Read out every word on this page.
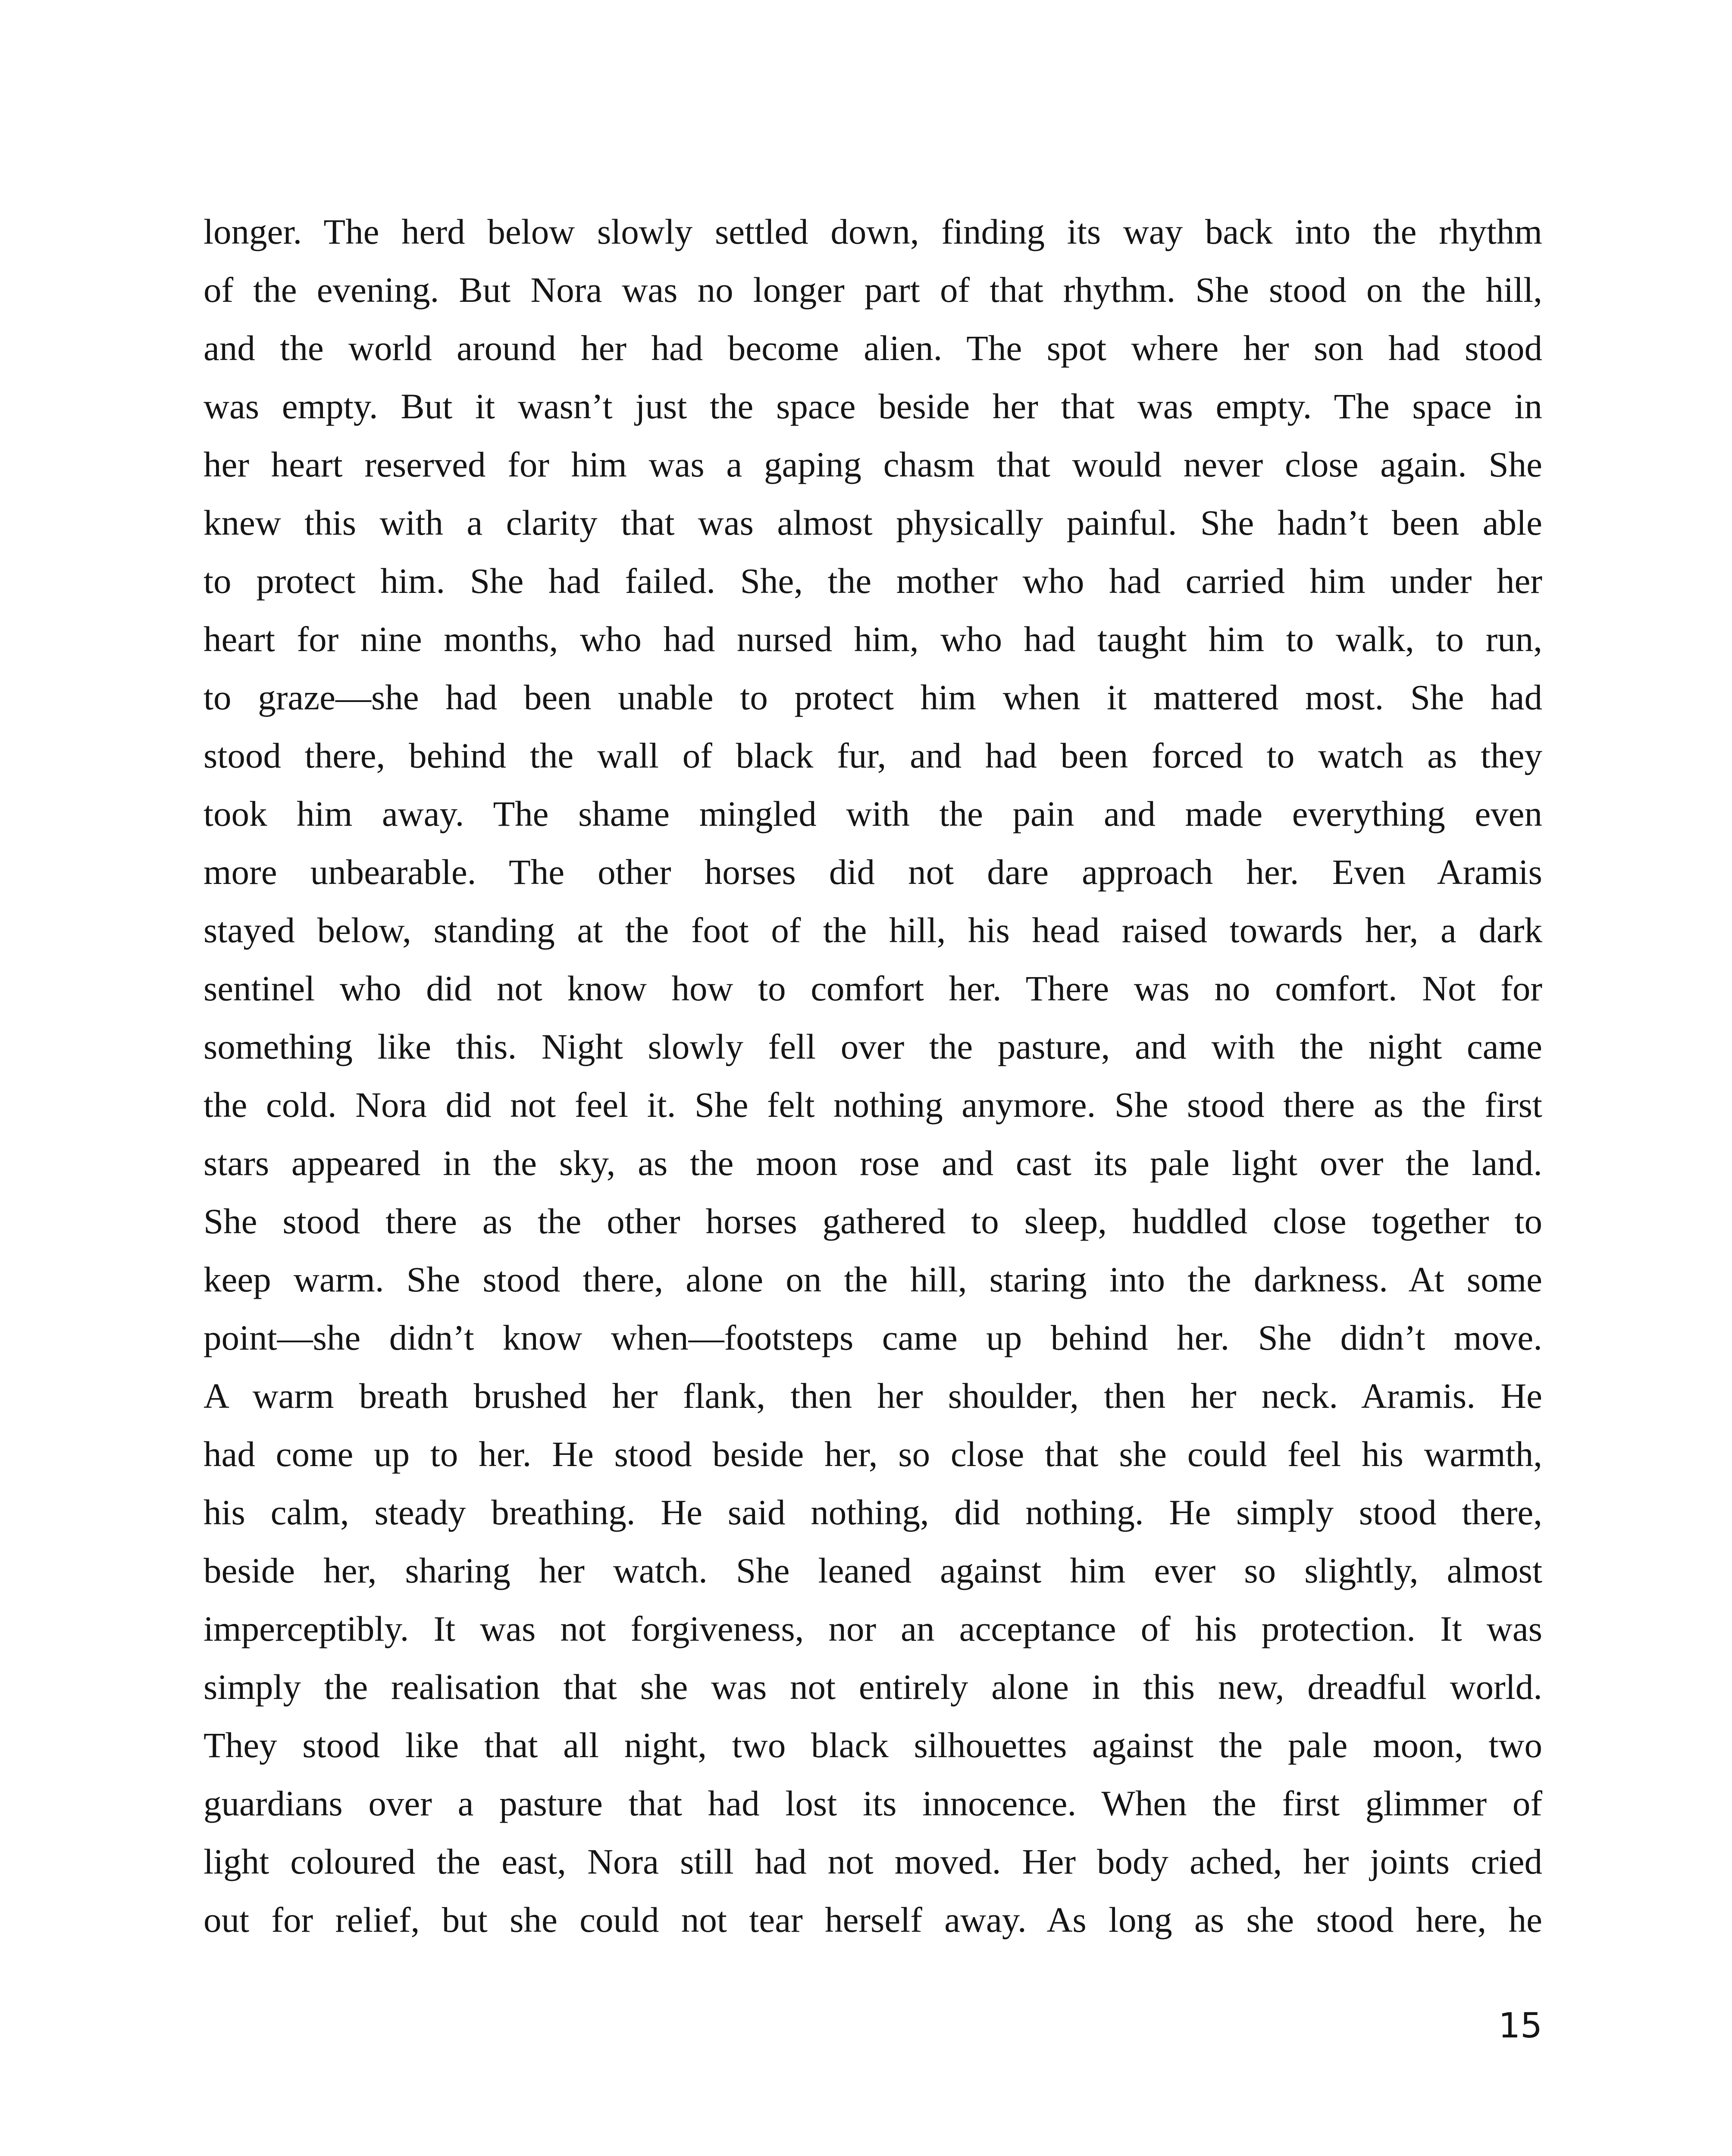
longer. The herd below slowly settled down, finding its way back into the rhythm
of the evening. But Nora was no longer part of that rhythm. She stood on the hill,
and the world around her had become alien. The spot where her son had stood
was empty. But it wasn’t just the space beside her that was empty. The space in
her heart reserved for him was a gaping chasm that would never close again. She
knew this with a clarity that was almost physically painful. She hadn’t been able
to protect him. She had failed. She, the mother who had carried him under her
heart for nine months, who had nursed him, who had taught him to walk, to run,
to graze—she had been unable to protect him when it mattered most. She had
stood there, behind the wall of black fur, and had been forced to watch as they
took him away. The shame mingled with the pain and made everything even
more unbearable. The other horses did not dare approach her. Even Aramis
stayed below, standing at the foot of the hill, his head raised towards her, a dark
sentinel who did not know how to comfort her. There was no comfort. Not for
something like this. Night slowly fell over the pasture, and with the night came
the cold. Nora did not feel it. She felt nothing anymore. She stood there as the first
stars appeared in the sky, as the moon rose and cast its pale light over the land.
She stood there as the other horses gathered to sleep, huddled close together to
keep warm. She stood there, alone on the hill, staring into the darkness. At some
point—she didn’t know when—footsteps came up behind her. She didn’t move.
A warm breath brushed her flank, then her shoulder, then her neck. Aramis. He
had come up to her. He stood beside her, so close that she could feel his warmth,
his calm, steady breathing. He said nothing, did nothing. He simply stood there,
beside her, sharing her watch. She leaned against him ever so slightly, almost
imperceptibly. It was not forgiveness, nor an acceptance of his protection. It was
simply the realisation that she was not entirely alone in this new, dreadful world.
They stood like that all night, two black silhouettes against the pale moon, two
guardians over a pasture that had lost its innocence. When the first glimmer of
light coloured the east, Nora still had not moved. Her body ached, her joints cried
out for relief, but she could not tear herself away. As long as she stood here, he

15
